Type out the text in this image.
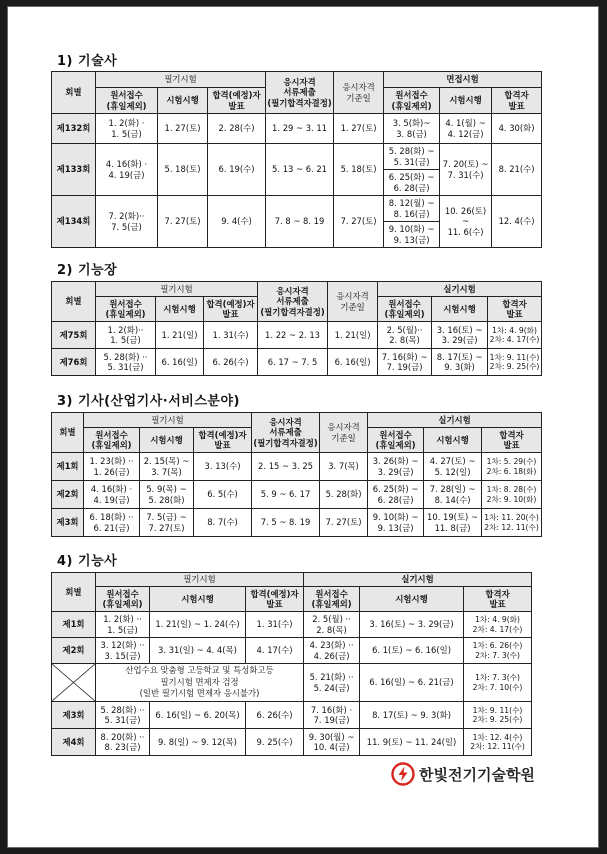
1) 기술사
회별	필기시험			응시자격
서류제출
(필기합격자결정)	응시자격
기준일	면접시험		
	원서접수
(휴일제외)	시험시행	합격(예정)자
발표			원서접수
(휴일제외)	시험시행	합격자
발표
제132회	1. 2(화) ·
1. 5(금)	1. 27(토)	2. 28(수)	1. 29 ~ 3. 11	1. 27(토)	3. 5(화)~
3. 8(금)	4. 1(월) ~
4. 12(금)	4. 30(화)
제133회	4. 16(화) ·
4. 19(금)	5. 18(토)	6. 19(수)	5. 13 ~ 6. 21	5. 18(토)	5. 28(화) ~
5. 31(금)	7. 20(토) ~
7. 31(수)	8. 21(수)
						6. 25(화) ~
6. 28(금)		
제134회	7. 2(화)··
7. 5(금)	7. 27(토)	9. 4(수)	7. 8 ~ 8. 19	7. 27(토)	8. 12(월) ~
8. 16(금)	10. 26(토) ~
11. 6(수)	12. 4(수)
						9. 10(화) ~
9. 13(금)		
2) 기능장
회별	필기시험			응시자격
서류제출
(필기합격자결정)	응시자격
기준일	실기시험		
	원서접수
(휴일제외)	시험시행	합격(예정)자
발표			원서접수
(휴일제외)	시험시행	합격자
발표
제75회	1. 2(화)··
1. 5(금)	1. 21(일)	1. 31(수)	1. 22 ~ 2. 13	1. 21(일)	2. 5(월)··
2. 8(목)	3. 16(토) ~
3. 29(금)	1차: 4. 9(화)
2차: 4. 17(수)
제76회	5. 28(화) ··
5. 31(금)	6. 16(일)	6. 26(수)	6. 17 ~ 7. 5	6. 16(일)	7. 16(화) ~
7. 19(금)	8. 17(토) ~
9. 3(화)	1차: 9. 11(수)
2차: 9. 25(수)
3) 기사(산업기사·서비스분야)
회별	필기시험			응시자격
서류제출
(필기합격자결정)	응시자격
기준일	실기시험		
	원서접수
(휴일제외)	시험시행	합격(예정)자
발표			원서접수
(휴일제외)	시험시행	합격자
발표
제1회	1. 23(화) ··
1. 26(금)	2. 15(목) ~
3. 7(목)	3. 13(수)	2. 15 ~ 3. 25	3. 7(목)	3. 26(화) ~
3. 29(금)	4. 27(토) ~
5. 12(일)	1차: 5. 29(수)
2차: 6. 18(화)
제2회	4. 16(화) ·
4. 19(금)	5. 9(목) ~
5. 28(화)	6. 5(수)	5. 9 ~ 6. 17	5. 28(화)	6. 25(화) ~
6. 28(금)	7. 28(일) ~
8. 14(수)	1차: 8. 28(수)
2차: 9. 10(화)
제3회	6. 18(화) ··
6. 21(금)	7. 5(금) ~
7. 27(토)	8. 7(수)	7. 5 ~ 8. 19	7. 27(토)	9. 10(화) ~
9. 13(금)	10. 19(토) ~
11. 8(금)	1차: 11. 20(수)
2차: 12. 11(수)
4) 기능사
회별	필기시험			실기시험		
	원서접수
(휴일제외)	시험시행	합격(예정)자
발표	원서접수
(휴일제외)	시험시행	합격자
발표
제1회	1. 2(화) ··
1. 5(금)	1. 21(일) ~ 1. 24(수)	1. 31(수)	2. 5(월) ··
2. 8(목)	3. 16(토) ~ 3. 29(금)	1차: 4. 9(화)
2차: 4. 17(수)
제2회	3. 12(화) ··
3. 15(금)	3. 31(일) ~ 4. 4(목)	4. 17(수)	4. 23(화) ··
4. 26(금)	6. 1(토) ~ 6. 16(일)	1차: 6. 26(수)
2차: 7. 3(수)

	산업수요 맞춤형 고등학교 및 특성화고등
필기시험 면제자 검정
(일반 필기시험 면제자 응시불가)			5. 21(화) ··
5. 24(금)	6. 16(일) ~ 6. 21(금)	1차: 7. 3(수)
2차: 7. 10(수)
제3회	5. 28(화) ··
5. 31(금)	6. 16(일) ~ 6. 20(목)	6. 26(수)	7. 16(화) ·
7. 19(금)	8. 17(토) ~ 9. 3(화)	1차: 9. 11(수)
2차: 9. 25(수)
제4회	8. 20(화) ··
8. 23(금)	9. 8(일) ~ 9. 12(목)	9. 25(수)	9. 30(월) ~
10. 4(금)	11. 9(토) ~ 11. 24(일)	1차: 12. 4(수)
2차: 12. 11(수)
한빛전기기술학원
